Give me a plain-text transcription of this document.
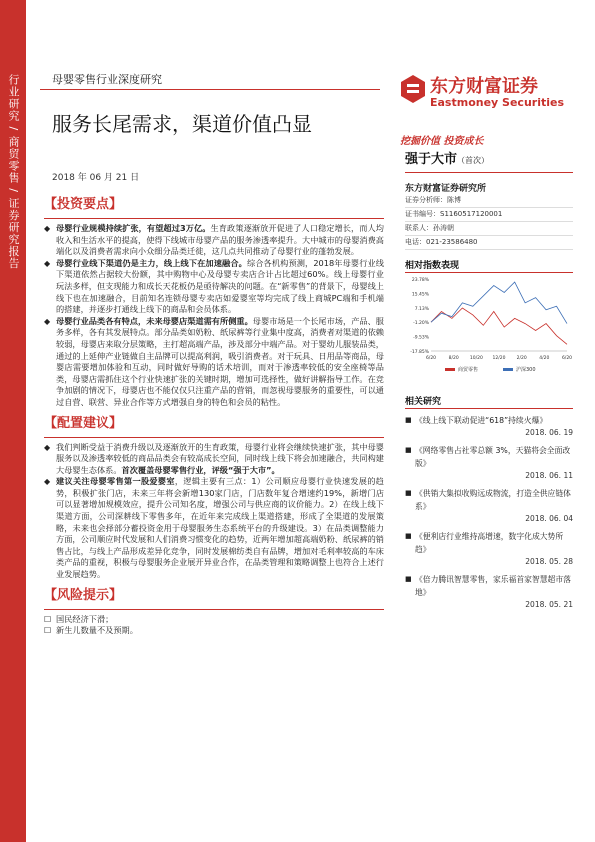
行业研究 / 商贸零售 / 证券研究报告	母婴零售行业深度研究	东方财富证券
Eastmoney Securities
挖掘价值 投资成长
服务长尾需求，渠道价值凸显
2018 年 06 月 21 日
【投资要点】
◆ 母婴行业规模持续扩张，有望超过3万亿。生育政策逐渐放开促进了人口稳定增长，而人均收入和生活水平的提高，使得下线城市母婴产品的服务渗透率提升。大中城市的母婴消费高端化以及消费者需求向小众细分品类迁徙，这几点共同推动了母婴行业的蓬勃发展。
◆ 母婴行业线下渠道仍是主力，线上线下在加速融合。综合各机构预测，2018年母婴行业线下渠道依然占据较大份额，其中购物中心及母婴专卖店合计占比超过60%。线上母婴行业玩法多样，但支现能力和成长天花板仍是亟待解决的问题。在“新零售”的背景下，母婴线上线下也在加速融合，目前知名连锁母婴专卖店如爱婴室等均完成了线上商城PC端和手机端的搭建，并逐步打通线上线下的商品和会员体系。
◆ 母婴行业品类各有特点，未来母婴店渠道需有所侧重。母婴市场是一个长尾市场，产品、服务多样，各有其发展特点。部分品类如奶粉、纸尿裤等行业集中度高，消费者对渠道的依赖较弱，母婴店来取分层策略，主打超高端产品，涉及部分中端产品。对于婴幼儿服装品类，通过的上延伸产业链做自主品牌可以提高利润，吸引消费者。对于玩具、日用品等商品，母婴店需要增加体验和互动，同时做好导购的话术培训，而对于渗透率较低的安全座椅等品类，母婴店需抓住这个行业快速扩张的关键时期，增加可选择性，做好讲解指导工作。在竞争加剧的情况下，母婴店也不能仅仅只注重产品的营销，而忽视母婴服务的重要性，可以通过自营、联营、异业合作等方式增强自身的特色和会员的粘性。
【配置建议】
◆ 我们判断受益于消费升级以及逐渐放开的生育政策，母婴行业将会继续快速扩张，其中母婴服务以及渗透率较低的商品品类会有较高成长空间，同时线上线下将会加速融合，共同构建大母婴生态体系。首次覆盖母婴零售行业，评级“强于大市”。
◆ 建议关注母婴零售第一股爱婴室，逻辑主要有三点：1）公司顺应母婴行业快速发展的趋势，积极扩张门店，未来三年将会新增130家门店，门店数年复合增速约19%，新增门店可以显著增加规模效应，提升公司知名度，增强公司与供应商的议价能力。2）在线上线下渠道方面，公司深耕线下零售多年，在近年来完成线上渠道搭建，形成了全渠道的发展策略，未来也会择部分蓄投资金用于母婴服务生态系统平台的升级建设。3）在品类调整能力方面，公司顺应时代发展和人们消费习惯变化的趋势，近两年增加超高端奶粉、纸尿裤的销售占比，与线上产品形成差异化竞争，同时发展棉纺类自有品牌，增加对毛利率较高的车床类产品的重视，积极与母婴服务企业展开异业合作，在品类管理和策略调整上也符合上述行业发展趋势。
【风险提示】
☐ 国民经济下滑；
☐ 新生儿数量不及预期。
强于大市（首次）
东方财富证券研究所
证券分析师：陈博
证书编号：S1160517120001
联系人：孙涛朝
电话：021-23586480
相对指数表现
23.78%
15.45%
7.13%
-1.20%
-9.53%
-17.85%
6/20	8/20 10/20 12/20 2/20	4/20	6/20
商贸零售	沪深300
相关研究
■ 《线上线下联动促进“618”持续火爆》
2018. 06. 19
■ 《网络零售占社零总额 3%，天猫将会全面改版》
2018. 06. 11
■ 《供销大集拟收购远成物流，打造全供应链体系》
2018. 06. 04
■ 《便利店行业维持高增速，数字化成大势所趋》
2018. 05. 28
■ 《倍力腾讯智慧零售，家乐福首家智慧超市落地》
2018. 05. 21
